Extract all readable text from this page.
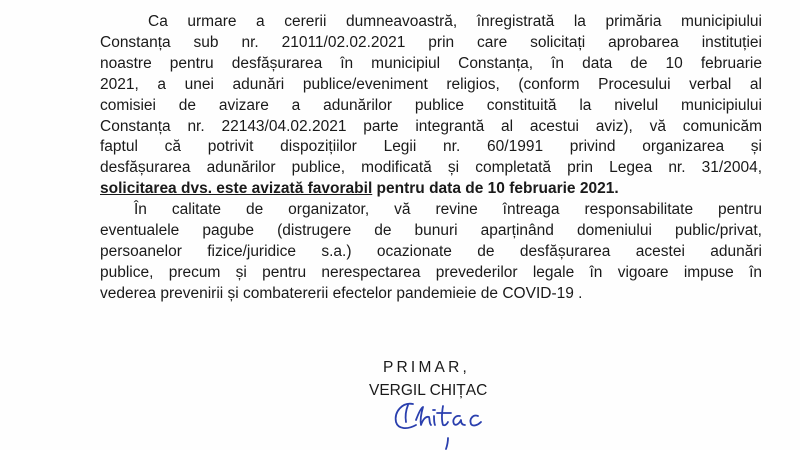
Ca urmare a cererii dumneavoastră, înregistrată la primăria municipiului
Constanța sub nr. 21011/02.02.2021 prin care solicitați aprobarea instituției
noastre pentru desfășurarea în municipiul Constanța, în data de 10 februarie
2021, a unei adunări publice/eveniment religios, (conform Procesului verbal al
comisiei de avizare a adunărilor publice constituită la nivelul municipiului
Constanța nr. 22143/04.02.2021 parte integrantă al acestui aviz), vă comunicăm
faptul că potrivit dispozițiilor Legii nr. 60/1991 privind organizarea și
desfășurarea adunărilor publice, modificată și completată prin Legea nr. 31/2004,
solicitarea dvs. este avizată favorabil pentru data de 10 februarie 2021.
În calitate de organizator, vă revine întreaga responsabilitate pentru
eventualele pagube (distrugere de bunuri aparținând domeniului public/privat,
persoanelor fizice/juridice s.a.) ocazionate de desfășurarea acestei adunări
publice, precum și pentru nerespectarea prevederilor legale în vigoare impuse în
vederea prevenirii și combatererii efectelor pandemieie de COVID-19 .
PRIMAR,
VERGIL CHIȚAC
